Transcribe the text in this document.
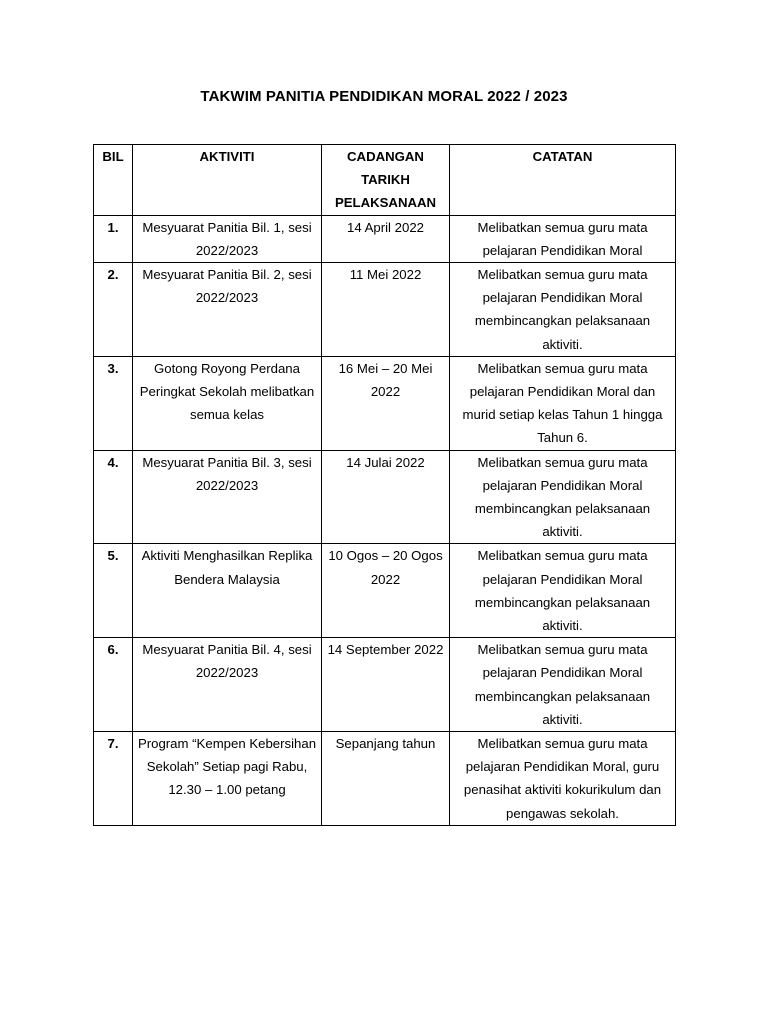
TAKWIM PANITIA PENDIDIKAN MORAL 2022 / 2023
BIL	AKTIVITI	CADANGAN TARIKH PELAKSANAAN	CATATAN
1.	Mesyuarat Panitia Bil. 1, sesi 2022/2023	14 April 2022	Melibatkan semua guru mata pelajaran Pendidikan Moral
2.	Mesyuarat Panitia Bil. 2, sesi 2022/2023	11 Mei 2022	Melibatkan semua guru mata pelajaran Pendidikan Moral membincangkan pelaksanaan aktiviti.
3.	Gotong Royong Perdana Peringkat Sekolah melibatkan semua kelas	16 Mei – 20 Mei 2022	Melibatkan semua guru mata pelajaran Pendidikan Moral dan murid setiap kelas Tahun 1 hingga Tahun 6.
4.	Mesyuarat Panitia Bil. 3, sesi 2022/2023	14 Julai 2022	Melibatkan semua guru mata pelajaran Pendidikan Moral membincangkan pelaksanaan aktiviti.
5.	Aktiviti Menghasilkan Replika Bendera Malaysia	10 Ogos – 20 Ogos 2022	Melibatkan semua guru mata pelajaran Pendidikan Moral membincangkan pelaksanaan aktiviti.
6.	Mesyuarat Panitia Bil. 4, sesi 2022/2023	14 September 2022	Melibatkan semua guru mata pelajaran Pendidikan Moral membincangkan pelaksanaan aktiviti.
7.	Program “Kempen Kebersihan Sekolah” Setiap pagi Rabu, 12.30 – 1.00 petang	Sepanjang tahun	Melibatkan semua guru mata pelajaran Pendidikan Moral, guru penasihat aktiviti kokurikulum dan pengawas sekolah.
